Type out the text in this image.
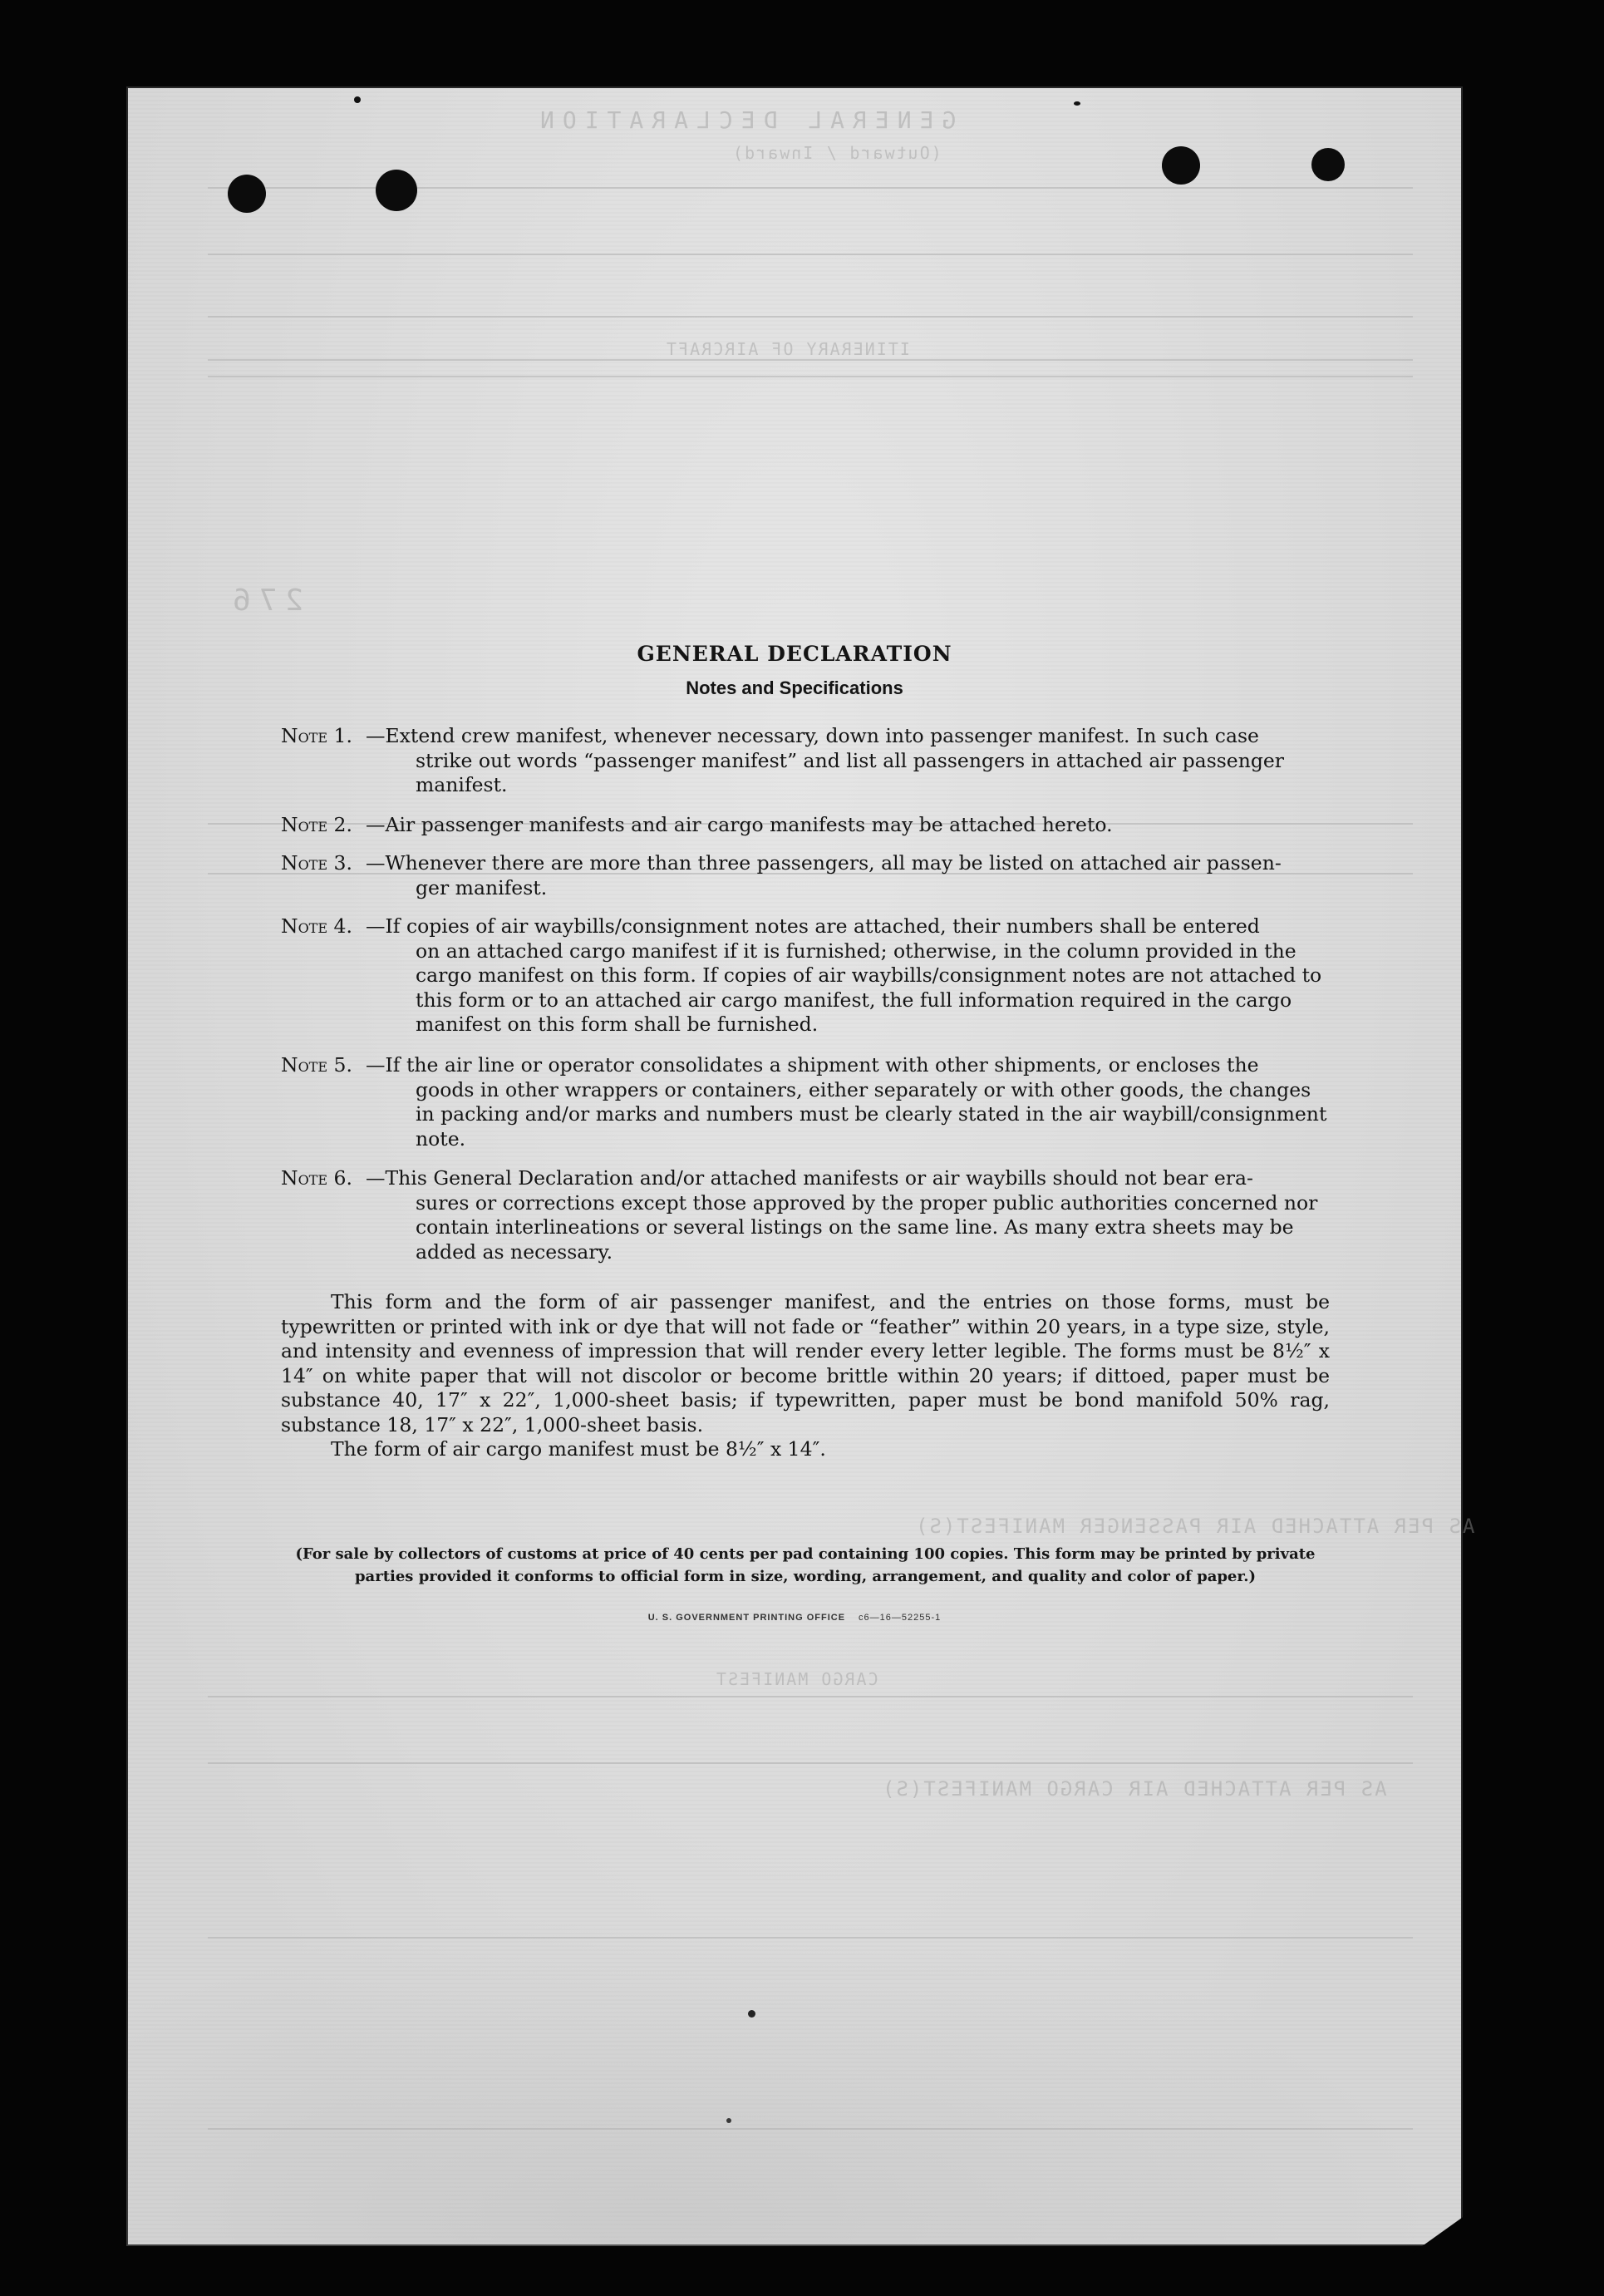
GENERAL DECLARATION
(Outward / Inward)
ITINERARY OF AIRCRAFT
276
AS PER ATTACHED AIR PASSENGER MANIFEST(S)
CARGO MANIFEST
AS PER ATTACHED AIR CARGO MANIFEST(S)
GENERAL DECLARATION
Notes and Specifications
Note 1. —Extend crew manifest, whenever necessary, down into passenger manifest. In such case
strike out words “passenger manifest” and list all passengers in attached air passenger manifest.
Note 2. —Air passenger manifests and air cargo manifests may be attached hereto.
Note 3. —Whenever there are more than three passengers, all may be listed on attached air passen-
ger manifest.
Note 4. —If copies of air waybills/consignment notes are attached, their numbers shall be entered
on an attached cargo manifest if it is furnished; otherwise, in the column provided in the cargo manifest on this form. If copies of air waybills/consignment notes are not attached to this form or to an attached air cargo manifest, the full information required in the cargo manifest on this form shall be furnished.
Note 5. —If the air line or operator consolidates a shipment with other shipments, or encloses the
goods in other wrappers or containers, either separately or with other goods, the changes in packing and/or marks and numbers must be clearly stated in the air waybill/consignment note.
Note 6. —This General Declaration and/or attached manifests or air waybills should not bear era-
sures or corrections except those approved by the proper public authorities concerned nor contain interlineations or several listings on the same line. As many extra sheets may be added as necessary.
This form and the form of air passenger manifest, and the entries on those forms, must be typewritten or printed with ink or dye that will not fade or “feather” within 20 years, in a type size, style, and intensity and evenness of impression that will render every letter legible. The forms must be 8½″ x 14″ on white paper that will not discolor or become brittle within 20 years; if dittoed, paper must be substance 40, 17″ x 22″, 1,000-sheet basis; if typewritten, paper must be bond manifold 50% rag, substance 18, 17″ x 22″, 1,000-sheet basis.
The form of air cargo manifest must be 8½″ x 14″.
(For sale by collectors of customs at price of 40 cents per pad containing 100 copies. This form may be printed by private parties provided it conforms to official form in size, wording, arrangement, and quality and color of paper.)
U. S. GOVERNMENT PRINTING OFFICE c6—16—52255-1
